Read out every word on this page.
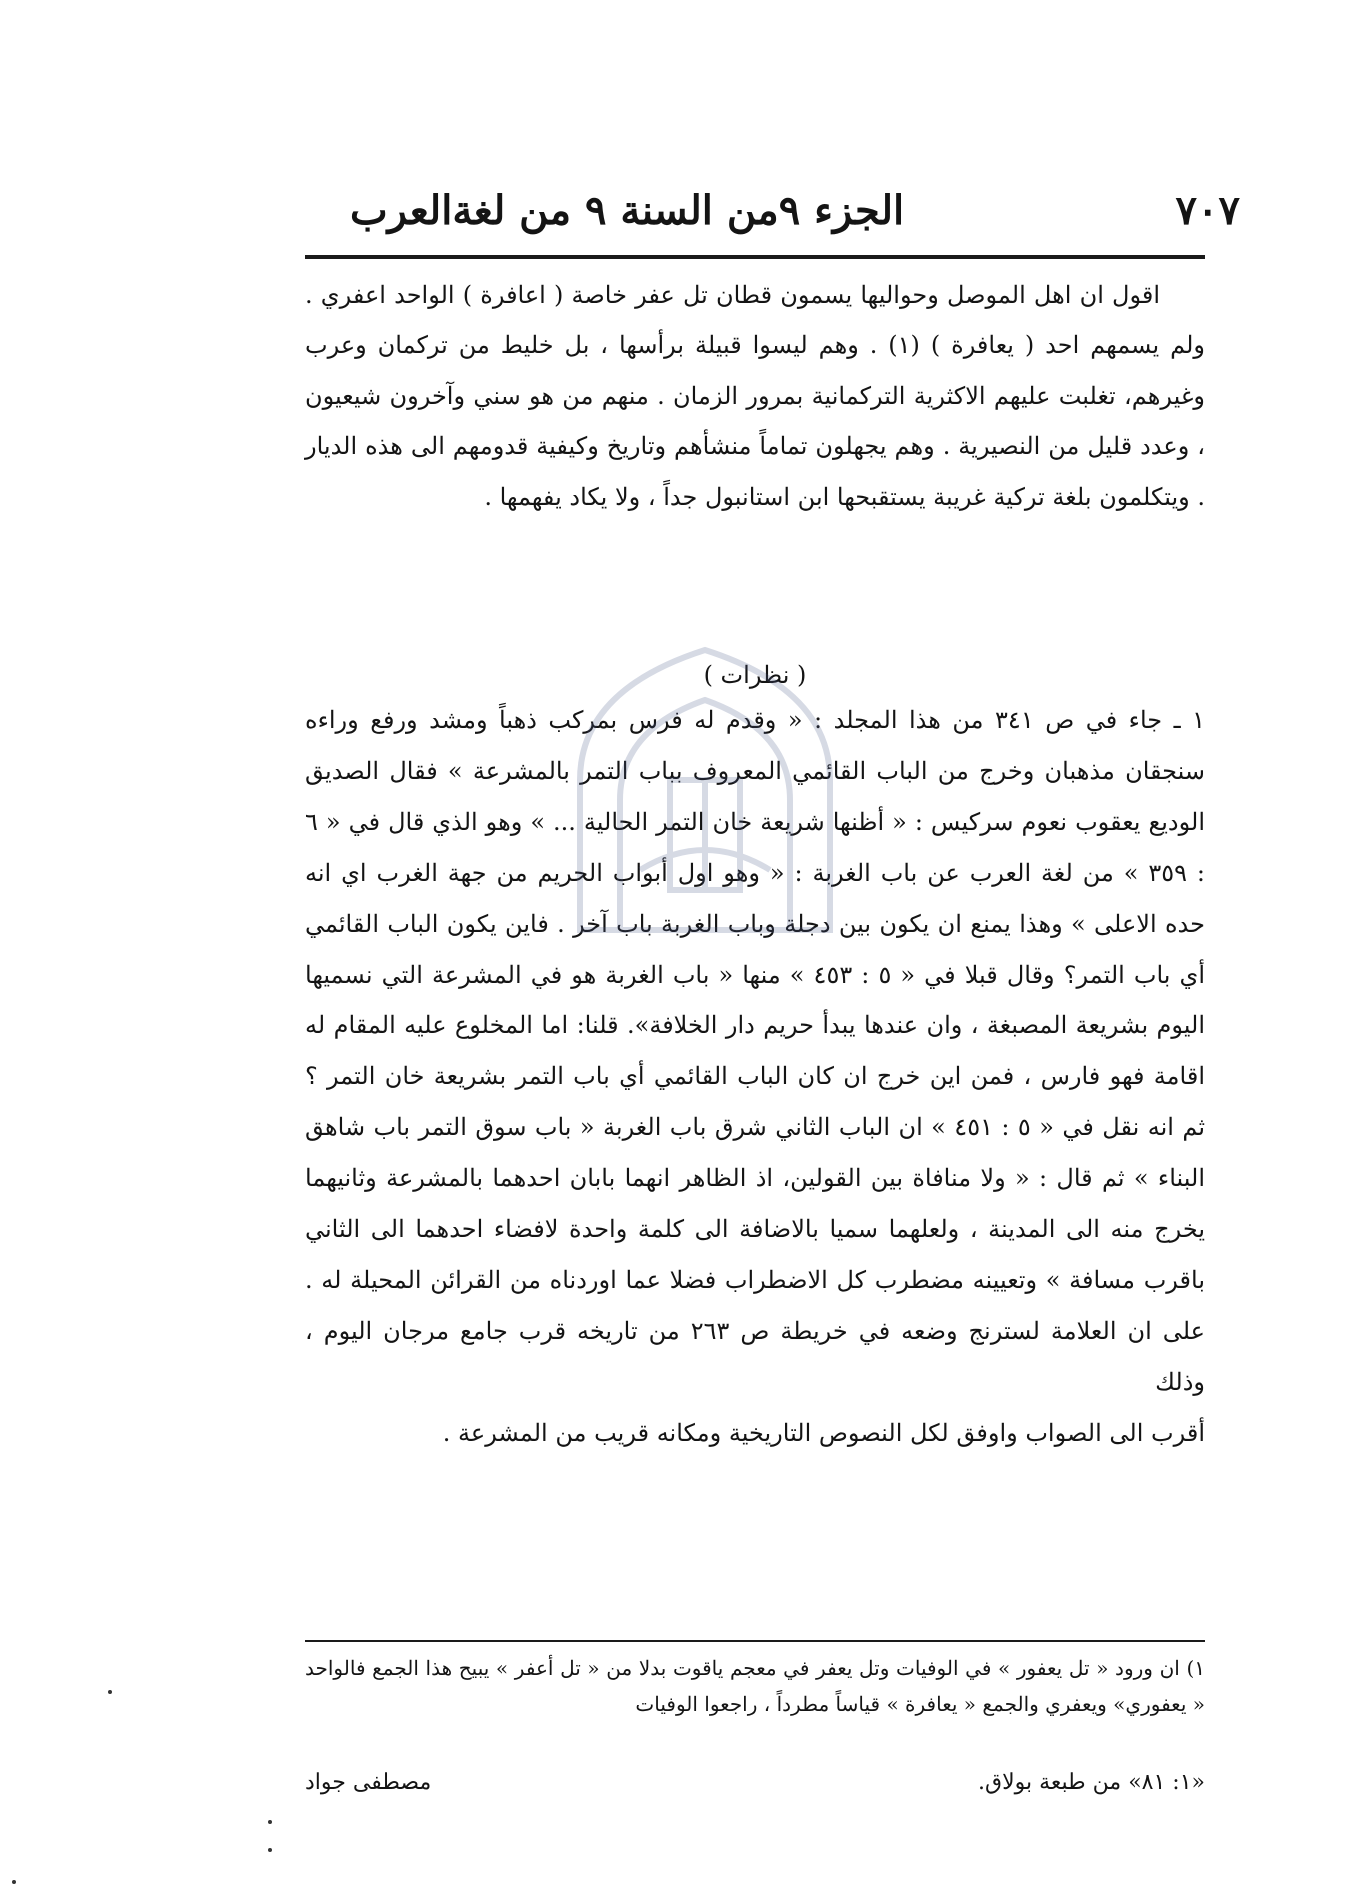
الجزء ٩من السنة ٩ من لغةالعرب	٧٠٧

اقول ان اهل الموصل وحواليها يسمون قطان تل عفر خاصة ( اعافرة ) الواحد اعفري . ولم يسمهم احد ( يعافرة ) (١) . وهم ليسوا قبيلة برأسها ، بل خليط من تركمان وعرب وغيرهم، تغلبت عليهم الاكثرية التركمانية بمرور الزمان . منهم من هو سني وآخرون شيعيون ، وعدد قليل من النصيرية . وهم يجهلون تماماً منشأهم وتاريخ وكيفية قدومهم الى هذه الديار . ويتكلمون بلغة تركية غريبة يستقبحها ابن استانبول جداً ، ولا يكاد يفهمها .

( نظرات )

١ ـ جاء في ص ٣٤١ من هذا المجلد : « وقدم له فرس بمركب ذهباً ومشد ورفع وراءه سنجقان مذهبان وخرج من الباب القائمي المعروف بباب التمر بالمشرعة » فقال الصديق الوديع يعقوب نعوم سركيس : « أظنها شريعة خان التمر الحالية ... » وهو الذي قال في « ٦ : ٣٥٩ » من لغة العرب عن باب الغربة : « وهو اول أبواب الحريم من جهة الغرب اي انه حده الاعلى » وهذا يمنع ان يكون بين دجلة وباب الغربة باب آخر . فاين يكون الباب القائمي أي باب التمر؟ وقال قبلا في « ٥ : ٤٥٣ » منها « باب الغربة هو في المشرعة التي نسميها اليوم بشريعة المصبغة ، وان عندها يبدأ حريم دار الخلافة». قلنا: اما المخلوع عليه المقام له اقامة فهو فارس ، فمن اين خرج ان كان الباب القائمي أي باب التمر بشريعة خان التمر ؟ ثم انه نقل في « ٥ : ٤٥١ » ان الباب الثاني شرق باب الغربة « باب سوق التمر باب شاهق البناء » ثم قال : « ولا منافاة بين القولين، اذ الظاهر انهما بابان احدهما بالمشرعة وثانيهما يخرج منه الى المدينة ، ولعلهما سميا بالاضافة الى كلمة واحدة لافضاء احدهما الى الثاني باقرب مسافة » وتعيينه مضطرب كل الاضطراب فضلا عما اوردناه من القرائن المحيلة له . على ان العلامة لسترنج وضعه في خريطة ص ٢٦٣ من تاريخه قرب جامع مرجان اليوم ، وذلك

أقرب الى الصواب واوفق لكل النصوص التاريخية ومكانه قريب من المشرعة .

١) ان ورود « تل يعفور » في الوفيات وتل يعفر في معجم ياقوت بدلا من « تل أعفر » يبيح هذا الجمع فالواحد « يعفوري» ويعفري والجمع « يعافرة » قياساً مطرداً ، راجعوا الوفيات

«١: ٨١» من طبعة بولاق.
مصطفى جواد
